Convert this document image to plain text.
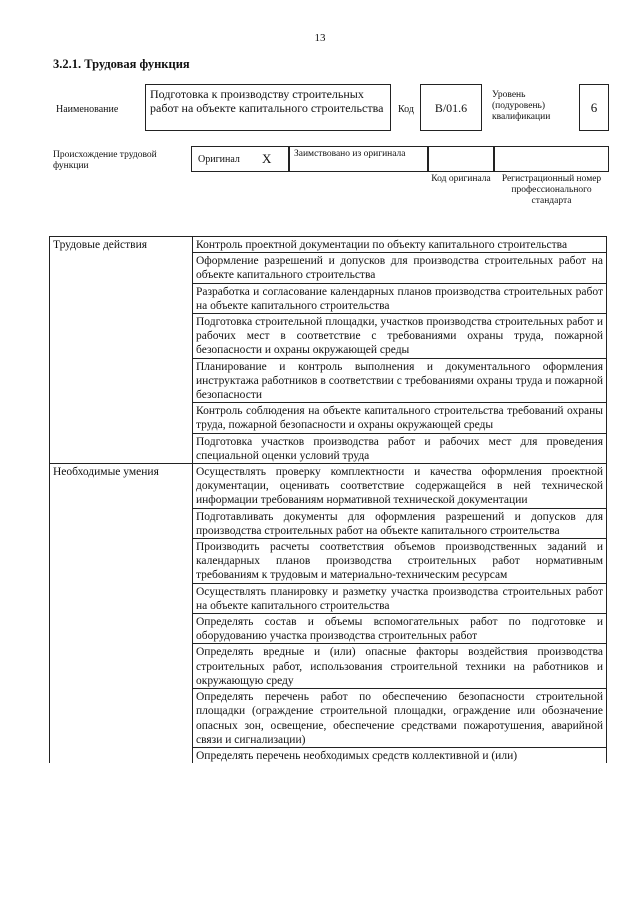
13
3.2.1. Трудовая функция
Наименование
Подготовка к производству строительных работ на объекте капитального строительства	Код	В/01.6
Уровень (подуровень) квалификации
6
Происхождение трудовой функции
Оригинал X	Заимствовано из оригинала
Код оригинала	Регистрационный номер профессионального стандарта
Трудовые действия	Контроль проектной документации по объекту капитального строительства
	Оформление разрешений и допусков для производства строительных работ на объекте капитального строительства
	Разработка и согласование календарных планов производства строительных работ на объекте капитального строительства
	Подготовка строительной площадки, участков производства строительных работ и рабочих мест в соответствие с требованиями охраны труда, пожарной безопасности и охраны окружающей среды
	Планирование и контроль выполнения и документального оформления инструктажа работников в соответствии с требованиями охраны труда и пожарной безопасности
	Контроль соблюдения на объекте капитального строительства требований охраны труда, пожарной безопасности и охраны окружающей среды
	Подготовка участков производства работ и рабочих мест для проведения специальной оценки условий труда
Необходимые умения	Осуществлять проверку комплектности и качества оформления проектной документации, оценивать соответствие содержащейся в ней технической информации требованиям нормативной технической документации
	Подготавливать документы для оформления разрешений и допусков для производства строительных работ на объекте капитального строительства
	Производить расчеты соответствия объемов производственных заданий и календарных планов производства строительных работ нормативным требованиям к трудовым и материально-техническим ресурсам
	Осуществлять планировку и разметку участка производства строительных работ на объекте капитального строительства
	Определять состав и объемы вспомогательных работ по подготовке и оборудованию участка производства строительных работ
	Определять вредные и (или) опасные факторы воздействия производства строительных работ, использования строительной техники на работников и окружающую среду
	Определять перечень работ по обеспечению безопасности строительной площадки (ограждение строительной площадки, ограждение или обозначение опасных зон, освещение, обеспечение средствами пожаротушения, аварийной связи и сигнализации)
	Определять перечень необходимых средств коллективной и (или)
